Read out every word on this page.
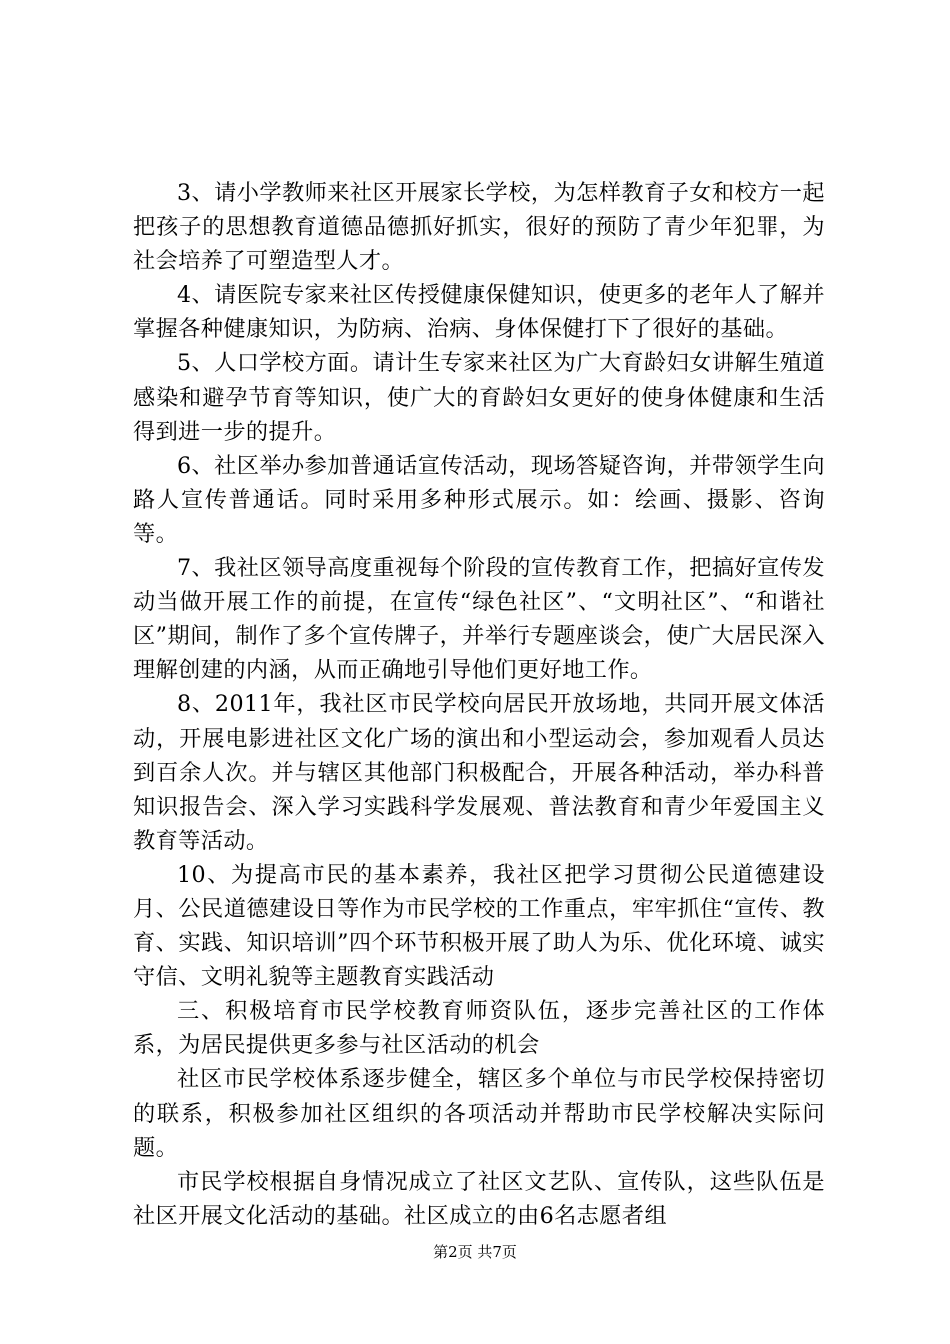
3、请小学教师来社区开展家长学校，为怎样教育子女和校方一起把孩子的思想教育道德品德抓好抓实，很好的预防了青少年犯罪，为社会培养了可塑造型人才。

4、请医院专家来社区传授健康保健知识，使更多的老年人了解并掌握各种健康知识，为防病、治病、身体保健打下了很好的基础。

5、人口学校方面。请计生专家来社区为广大育龄妇女讲解生殖道感染和避孕节育等知识，使广大的育龄妇女更好的使身体健康和生活得到进一步的提升。

6、社区举办参加普通话宣传活动，现场答疑咨询，并带领学生向路人宣传普通话。同时采用多种形式展示。如：绘画、摄影、咨询等。

7、我社区领导高度重视每个阶段的宣传教育工作，把搞好宣传发动当做开展工作的前提，在宣传“绿色社区”、“文明社区”、“和谐社区”期间，制作了多个宣传牌子，并举行专题座谈会，使广大居民深入理解创建的内涵，从而正确地引导他们更好地工作。

8、2011年，我社区市民学校向居民开放场地，共同开展文体活动，开展电影进社区文化广场的演出和小型运动会，参加观看人员达到百余人次。并与辖区其他部门积极配合，开展各种活动，举办科普知识报告会、深入学习实践科学发展观、普法教育和青少年爱国主义教育等活动。

10、为提高市民的基本素养，我社区把学习贯彻公民道德建设月、公民道德建设日等作为市民学校的工作重点，牢牢抓住“宣传、教育、实践、知识培训”四个环节积极开展了助人为乐、优化环境、诚实守信、文明礼貌等主题教育实践活动

三、积极培育市民学校教育师资队伍，逐步完善社区的工作体系，为居民提供更多参与社区活动的机会

社区市民学校体系逐步健全，辖区多个单位与市民学校保持密切的联系，积极参加社区组织的各项活动并帮助市民学校解决实际问题。

市民学校根据自身情况成立了社区文艺队、宣传队，这些队伍是社区开展文化活动的基础。社区成立的由6名志愿者组

第2页 共7页
